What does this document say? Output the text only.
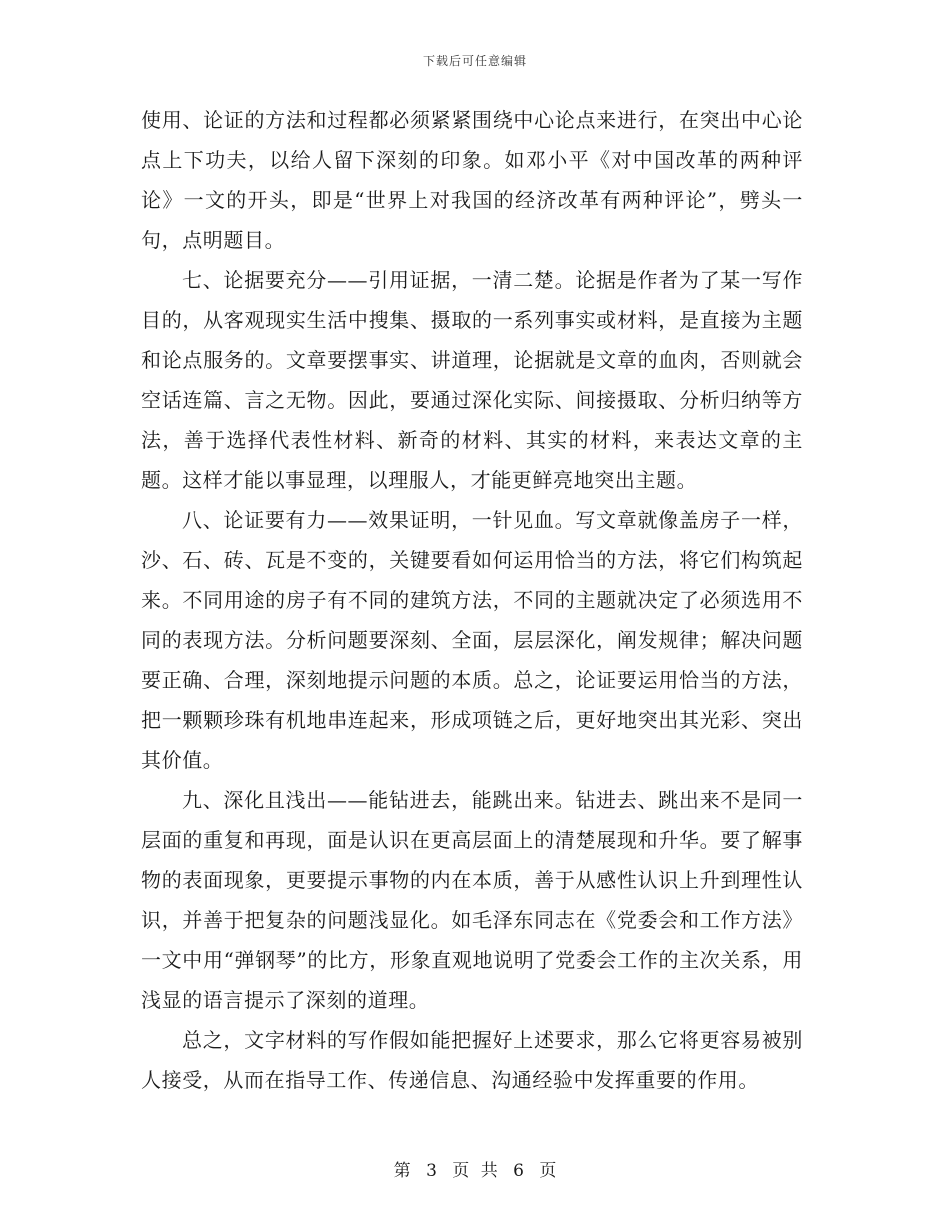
下载后可任意编辑

使用、论证的方法和过程都必须紧紧围绕中心论点来进行，在突出中心论点上下功夫，以给人留下深刻的印象。如邓小平《对中国改革的两种评论》一文的开头，即是“世界上对我国的经济改革有两种评论”，劈头一句，点明题目。

七、论据要充分——引用证据，一清二楚。论据是作者为了某一写作目的，从客观现实生活中搜集、摄取的一系列事实或材料，是直接为主题和论点服务的。文章要摆事实、讲道理，论据就是文章的血肉，否则就会空话连篇、言之无物。因此，要通过深化实际、间接摄取、分析归纳等方法，善于选择代表性材料、新奇的材料、其实的材料，来表达文章的主题。这样才能以事显理，以理服人，才能更鲜亮地突出主题。

八、论证要有力——效果证明，一针见血。写文章就像盖房子一样，沙、石、砖、瓦是不变的，关键要看如何运用恰当的方法，将它们构筑起来。不同用途的房子有不同的建筑方法，不同的主题就决定了必须选用不同的表现方法。分析问题要深刻、全面，层层深化，阐发规律；解决问题要正确、合理，深刻地提示问题的本质。总之，论证要运用恰当的方法，把一颗颗珍珠有机地串连起来，形成项链之后，更好地突出其光彩、突出其价值。

九、深化且浅出——能钻进去，能跳出来。钻进去、跳出来不是同一层面的重复和再现，面是认识在更高层面上的清楚展现和升华。要了解事物的表面现象，更要提示事物的内在本质，善于从感性认识上升到理性认识，并善于把复杂的问题浅显化。如毛泽东同志在《党委会和工作方法》一文中用“弹钢琴”的比方，形象直观地说明了党委会工作的主次关系，用浅显的语言提示了深刻的道理。

总之，文字材料的写作假如能把握好上述要求，那么它将更容易被别人接受，从而在指导工作、传递信息、沟通经验中发挥重要的作用。

第 3 页 共 6 页
